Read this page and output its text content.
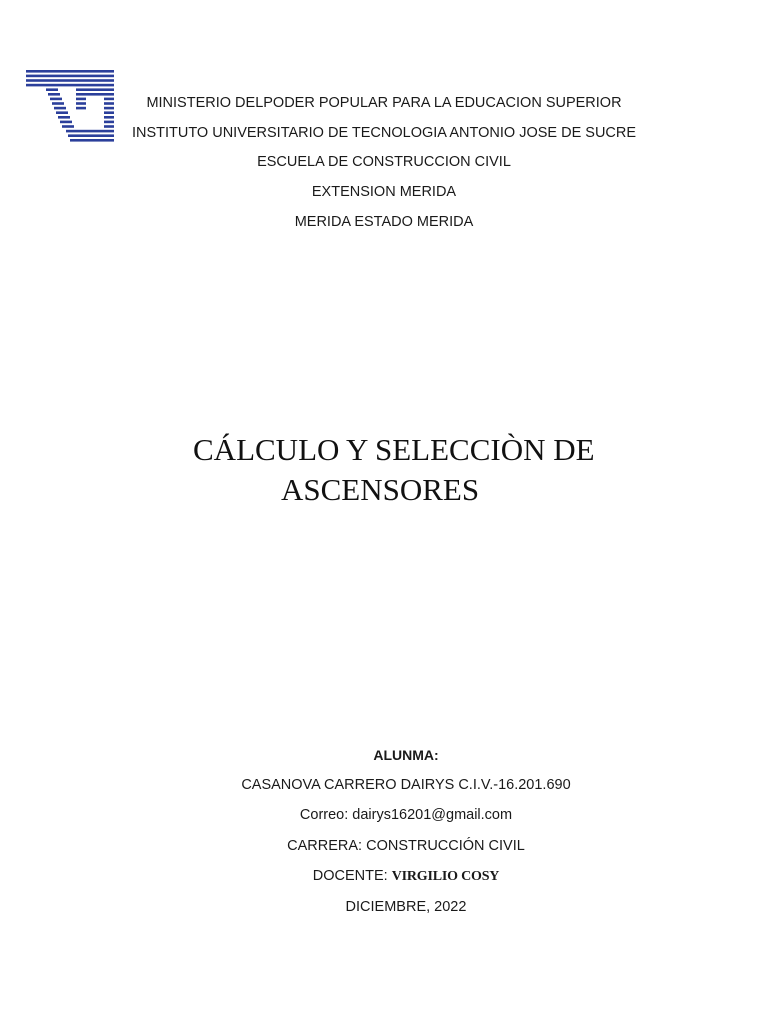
MINISTERIO DELPODER POPULAR PARA LA EDUCACION SUPERIOR
INSTITUTO UNIVERSITARIO DE TECNOLOGIA ANTONIO JOSE DE SUCRE
ESCUELA DE CONSTRUCCION CIVIL
EXTENSION MERIDA
MERIDA ESTADO MERIDA
CÁLCULO Y SELECCIÒN DE
ASCENSORES
ALUNMA:
CASANOVA CARRERO DAIRYS C.I.V.-16.201.690
Correo: dairys16201@gmail.com
CARRERA: CONSTRUCCIÓN CIVIL
DOCENTE: VIRGILIO COSY
DICIEMBRE, 2022
